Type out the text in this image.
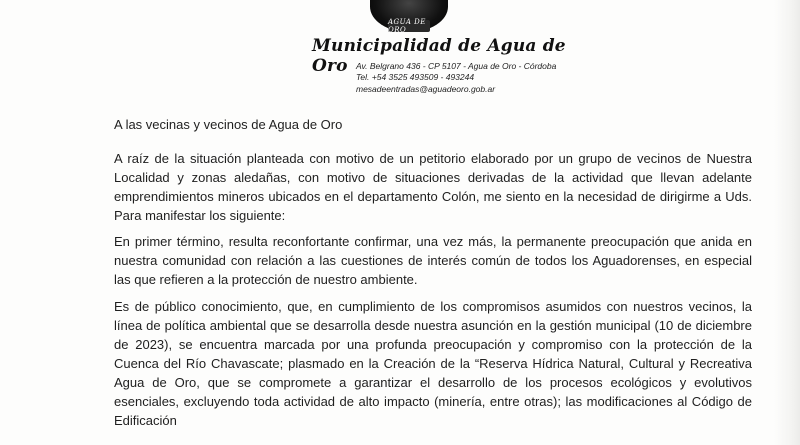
AGUA DE ORO
Municipalidad de Agua de Oro Av. Belgrano 436 - CP 5107 - Agua de Oro - Córdoba
Tel. +54 3525 493509 - 493244
mesadeentradas@aguadeoro.gob.ar
A las vecinas y vecinos de Agua de Oro
A raíz de la situación planteada con motivo de un petitorio elaborado por un grupo de vecinos de Nuestra Localidad y zonas aledañas, con motivo de situaciones derivadas de la actividad que llevan adelante emprendimientos mineros ubicados en el departamento Colón, me siento en la necesidad de dirigirme a Uds. Para manifestar los siguiente:
En primer término, resulta reconfortante confirmar, una vez más, la permanente preocupación que anida en nuestra comunidad con relación a las cuestiones de interés común de todos los Aguadorenses, en especial las que refieren a la protección de nuestro ambiente.
Es de público conocimiento, que, en cumplimiento de los compromisos asumidos con nuestros vecinos, la línea de política ambiental que se desarrolla desde nuestra asunción en la gestión municipal (10 de diciembre de 2023), se encuentra marcada por una profunda preocupación y compromiso con la protección de la Cuenca del Río Chavascate; plasmado en la Creación de la “Reserva Hídrica Natural, Cultural y Recreativa Agua de Oro, que se compromete a garantizar el desarrollo de los procesos ecológicos y evolutivos esenciales, excluyendo toda actividad de alto impacto (minería, entre otras); las modificaciones al Código de Edificación
